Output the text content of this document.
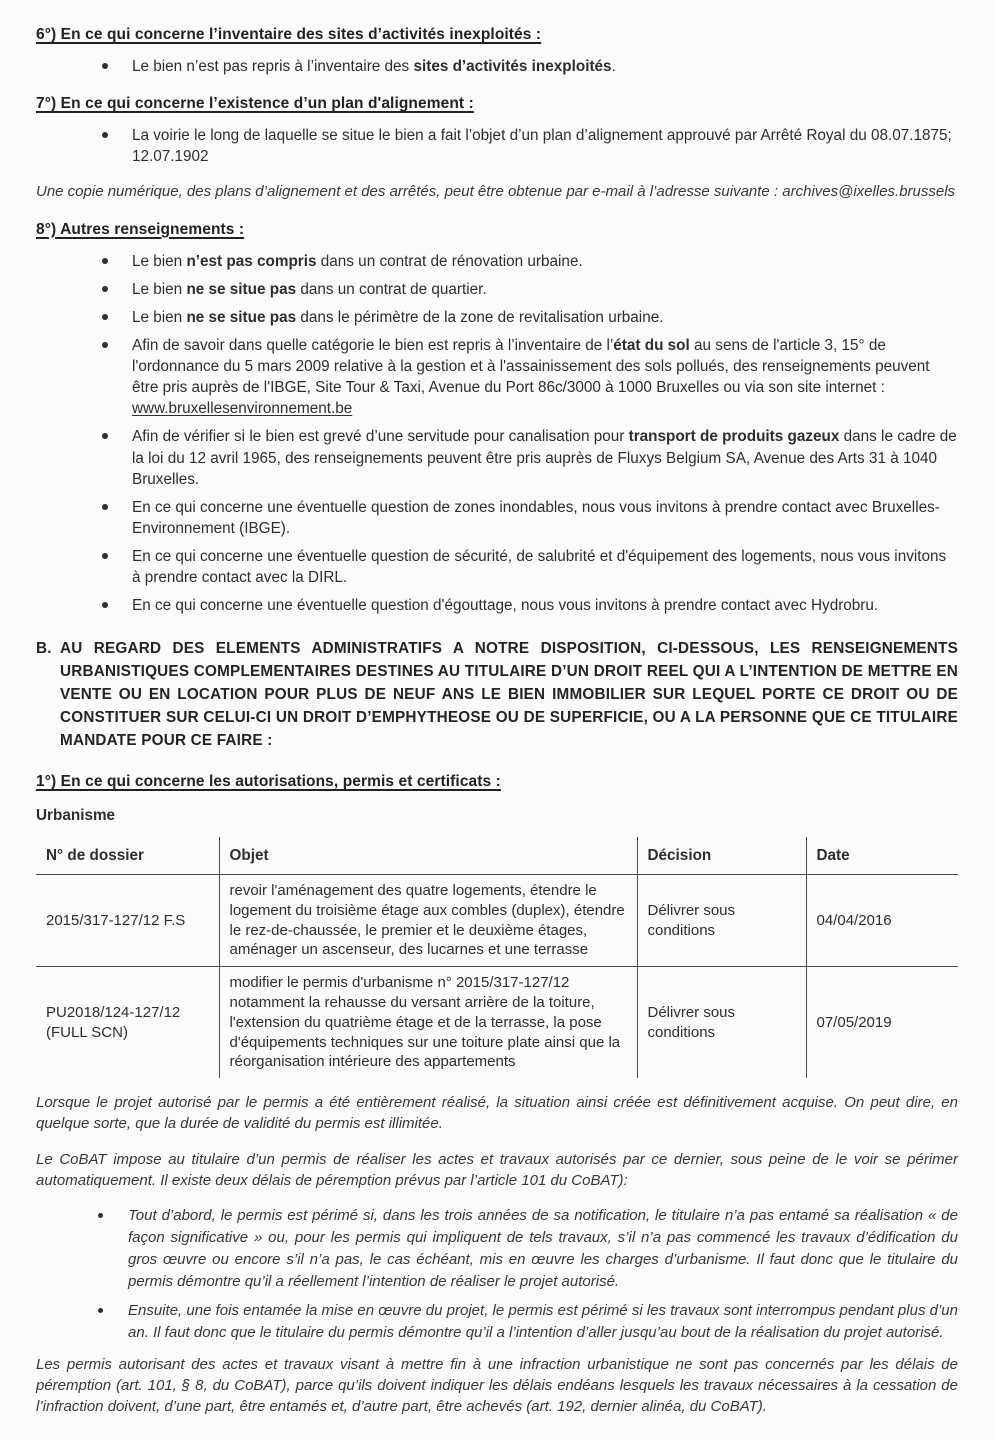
6°) En ce qui concerne l’inventaire des sites d’activités inexploités :
Le bien n’est pas repris à l’inventaire des sites d’activités inexploités.
7°) En ce qui concerne l’existence d’un plan d'alignement :
La voirie le long de laquelle se situe le bien a fait l’objet d’un plan d’alignement approuvé par Arrêté Royal du 08.07.1875; 12.07.1902

Une copie numérique, des plans d’alignement et des arrêtés, peut être obtenue par e-mail à l’adresse suivante : archives@ixelles.brussels

8°) Autres renseignements :
Le bien n’est pas compris dans un contrat de rénovation urbaine.
Le bien ne se situe pas dans un contrat de quartier.
Le bien ne se situe pas dans le périmètre de la zone de revitalisation urbaine.
Afin de savoir dans quelle catégorie le bien est repris à l’inventaire de l’état du sol au sens de l'article 3, 15° de l'ordonnance du 5 mars 2009 relative à la gestion et à l'assainissement des sols pollués, des renseignements peuvent être pris auprès de l'IBGE, Site Tour & Taxi, Avenue du Port 86c/3000 à 1000 Bruxelles ou via son site internet : www.bruxellesenvironnement.be
Afin de vérifier si le bien est grevé d’une servitude pour canalisation pour transport de produits gazeux dans le cadre de la loi du 12 avril 1965, des renseignements peuvent être pris auprès de Fluxys Belgium SA, Avenue des Arts 31 à 1040 Bruxelles.
En ce qui concerne une éventuelle question de zones inondables, nous vous invitons à prendre contact avec Bruxelles-Environnement (IBGE).
En ce qui concerne une éventuelle question de sécurité, de salubrité et d'équipement des logements, nous vous invitons à prendre contact avec la DIRL.
En ce qui concerne une éventuelle question d'égouttage, nous vous invitons à prendre contact avec Hydrobru.

B. AU REGARD DES ELEMENTS ADMINISTRATIFS A NOTRE DISPOSITION, CI-DESSOUS, LES RENSEIGNEMENTS URBANISTIQUES COMPLEMENTAIRES DESTINES AU TITULAIRE D’UN DROIT REEL QUI A L’INTENTION DE METTRE EN VENTE OU EN LOCATION POUR PLUS DE NEUF ANS LE BIEN IMMOBILIER SUR LEQUEL PORTE CE DROIT OU DE CONSTITUER SUR CELUI-CI UN DROIT D’EMPHYTHEOSE OU DE SUPERFICIE, OU A LA PERSONNE QUE CE TITULAIRE MANDATE POUR CE FAIRE :

1°) En ce qui concerne les autorisations, permis et certificats :
Urbanisme
N° de dossier	Objet	Décision	Date
2015/317-127/12 F.S	revoir l'aménagement des quatre logements, étendre le logement du troisième étage aux combles (duplex), étendre le rez-de-chaussée, le premier et le deuxième étages, aménager un ascenseur, des lucarnes et une terrasse	Délivrer sous conditions	04/04/2016
PU2018/124-127/12 (FULL SCN)	modifier le permis d'urbanisme n° 2015/317-127/12 notamment la rehausse du versant arrière de la toiture, l'extension du quatrième étage et de la terrasse, la pose d'équipements techniques sur une toiture plate ainsi que la réorganisation intérieure des appartements	Délivrer sous conditions	07/05/2019

Lorsque le projet autorisé par le permis a été entièrement réalisé, la situation ainsi créée est définitivement acquise. On peut dire, en quelque sorte, que la durée de validité du permis est illimitée.

Le CoBAT impose au titulaire d’un permis de réaliser les actes et travaux autorisés par ce dernier, sous peine de le voir se périmer automatiquement. Il existe deux délais de péremption prévus par l’article 101 du CoBAT):

Tout d’abord, le permis est périmé si, dans les trois années de sa notification, le titulaire n’a pas entamé sa réalisation « de façon significative » ou, pour les permis qui impliquent de tels travaux, s’il n’a pas commencé les travaux d’édification du gros œuvre ou encore s’il n’a pas, le cas échéant, mis en œuvre les charges d’urbanisme. Il faut donc que le titulaire du permis démontre qu’il a réellement l’intention de réaliser le projet autorisé.
Ensuite, une fois entamée la mise en œuvre du projet, le permis est périmé si les travaux sont interrompus pendant plus d’un an. Il faut donc que le titulaire du permis démontre qu’il a l’intention d’aller jusqu’au bout de la réalisation du projet autorisé.

Les permis autorisant des actes et travaux visant à mettre fin à une infraction urbanistique ne sont pas concernés par les délais de péremption (art. 101, § 8, du CoBAT), parce qu’ils doivent indiquer les délais endéans lesquels les travaux nécessaires à la cessation de l’infraction doivent, d’une part, être entamés et, d’autre part, être achevés (art. 192, dernier alinéa, du CoBAT).
